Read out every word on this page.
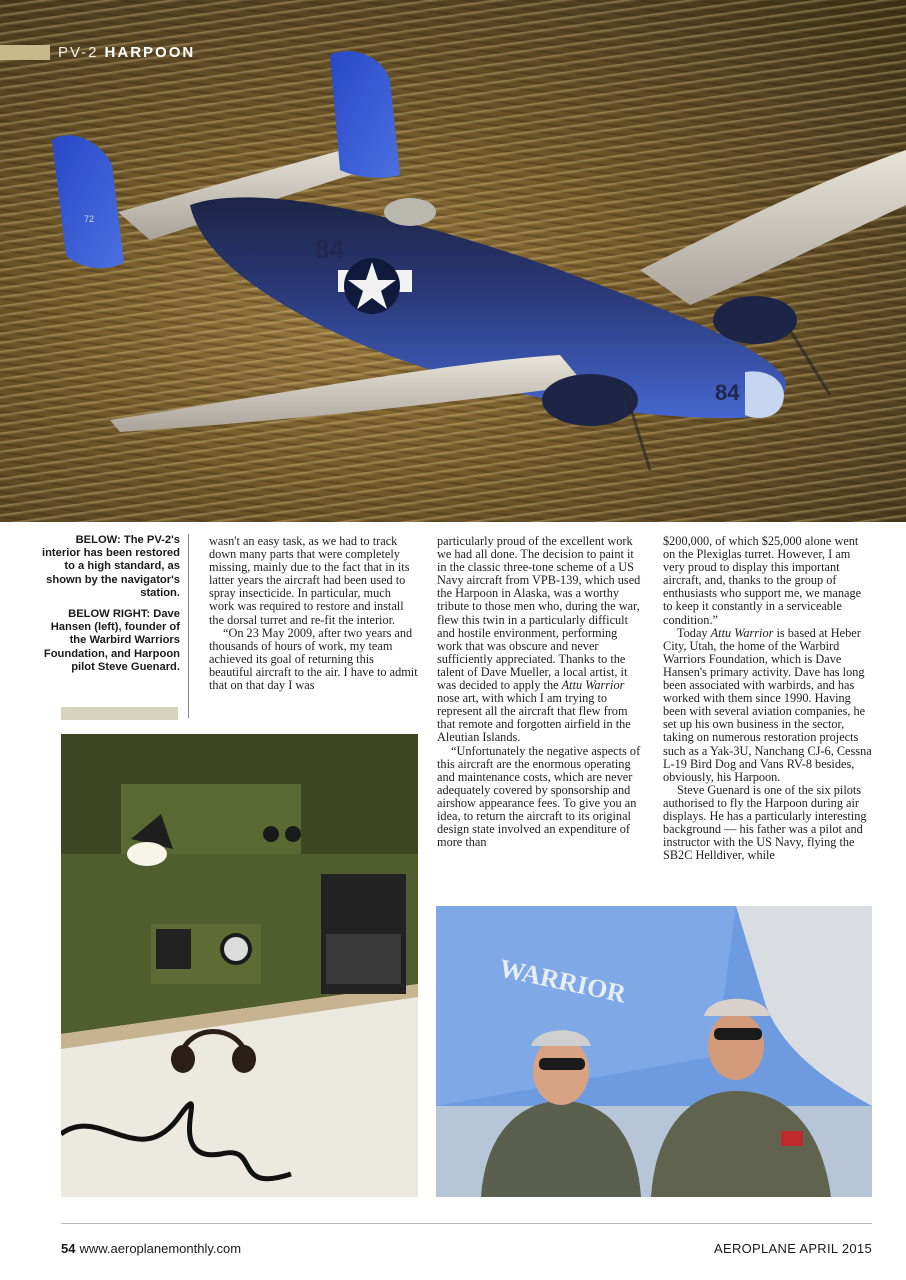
84
84
72
PV-2 HARPOON

BELOW: The PV-2's interior has been restored to a high standard, as shown by the navigator's station.

BELOW RIGHT: Dave Hansen (left), founder of the Warbird Warriors Foundation, and Harpoon pilot Steve Guenard.

wasn't an easy task, as we had to track down many parts that were completely missing, mainly due to the fact that in its latter years the aircraft had been used to spray insecticide. In particular, much work was required to restore and install the dorsal turret and re-fit the interior.

“On 23 May 2009, after two years and thousands of hours of work, my team achieved its goal of returning this beautiful aircraft to the air. I have to admit that on that day I was

particularly proud of the excellent work we had all done. The decision to paint it in the classic three-tone scheme of a US Navy aircraft from VPB-139, which used the Harpoon in Alaska, was a worthy tribute to those men who, during the war, flew this twin in a particularly difficult and hostile environment, performing work that was obscure and never sufficiently appreciated. Thanks to the talent of Dave Mueller, a local artist, it was decided to apply the Attu Warrior nose art, with which I am trying to represent all the aircraft that flew from that remote and forgotten airfield in the Aleutian Islands.

“Unfortunately the negative aspects of this aircraft are the enormous operating and maintenance costs, which are never adequately covered by sponsorship and airshow appearance fees. To give you an idea, to return the aircraft to its original design state involved an expenditure of more than

$200,000, of which $25,000 alone went on the Plexiglas turret. However, I am very proud to display this important aircraft, and, thanks to the group of enthusiasts who support me, we manage to keep it constantly in a serviceable condition.”

Today Attu Warrior is based at Heber City, Utah, the home of the Warbird Warriors Foundation, which is Dave Hansen's primary activity. Dave has long been associated with warbirds, and has worked with them since 1990. Having been with several aviation companies, he set up his own business in the sector, taking on numerous restoration projects such as a Yak-3U, Nanchang CJ-6, Cessna L-19 Bird Dog and Vans RV-8 besides, obviously, his Harpoon.

Steve Guenard is one of the six pilots authorised to fly the Harpoon during air displays. He has a particularly interesting background — his father was a pilot and instructor with the US Navy, flying the SB2C Helldiver, while

WARRIOR
54 www.aeroplanemonthly.com	AEROPLANE APRIL 2015
